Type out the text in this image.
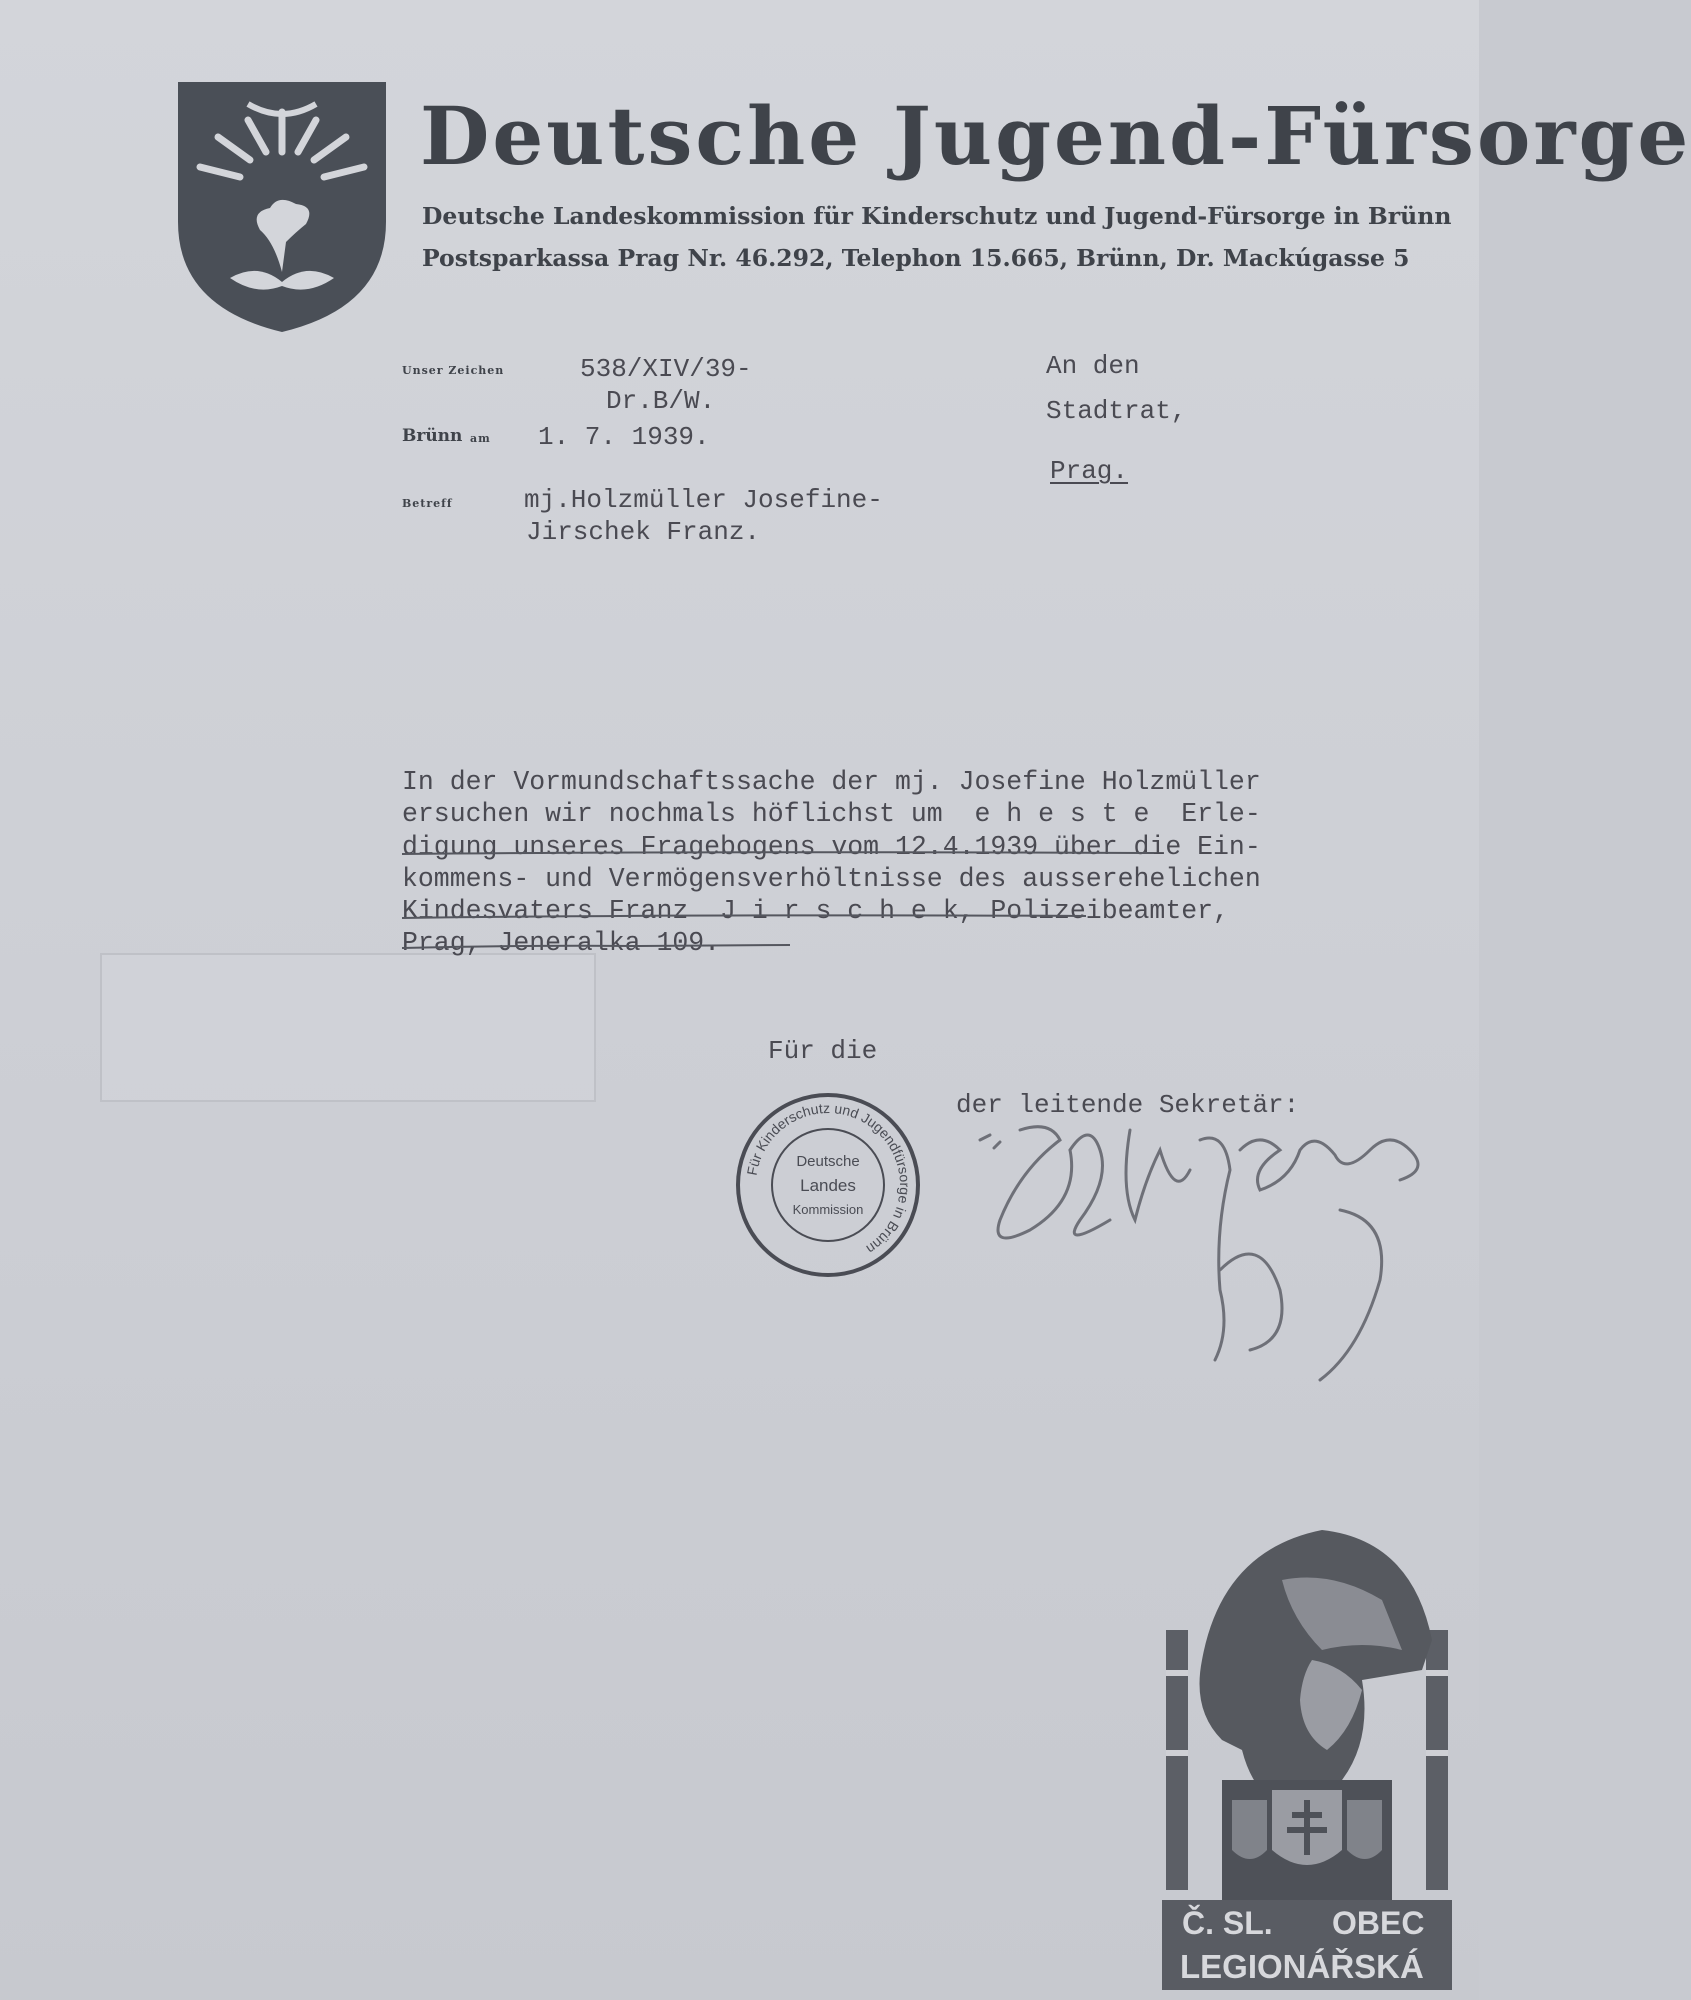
Deutsche Jugend-Fürsorge
Deutsche Landeskommission für Kinderschutz und Jugend-Fürsorge in Brünn
Postsparkassa Prag Nr. 46.292, Telephon 15.665, Brünn, Dr. Mackúgasse 5
Unser Zeichen	538/XIV/39-
Dr.B/W.
Brünn am 1. 7. 1939.
Betreff	mj.Holzmüller Josefine-
Jirschek Franz.
An den
Stadtrat,
Prag.
In der Vormundschaftssache der mj. Josefine Holzmüller
ersuchen wir nochmals höflichst um  e h e s t e  Erle-
digung unseres Fragebogens vom 12.4.1939 über die Ein-
kommens- und Vermögensverhöltnisse des ausserehelichen
Kindesvaters Franz  J i r s c h e k, Polizeibeamter,
Prag, Jeneralka 109.
Für die
der leitende Sekretär:
Für Kinderschutz und Jugendfürsorge in Brünn
Deutsche
Landes
Kommission
Č. SL. OBEC
LEGIONÁŘSKÁ
